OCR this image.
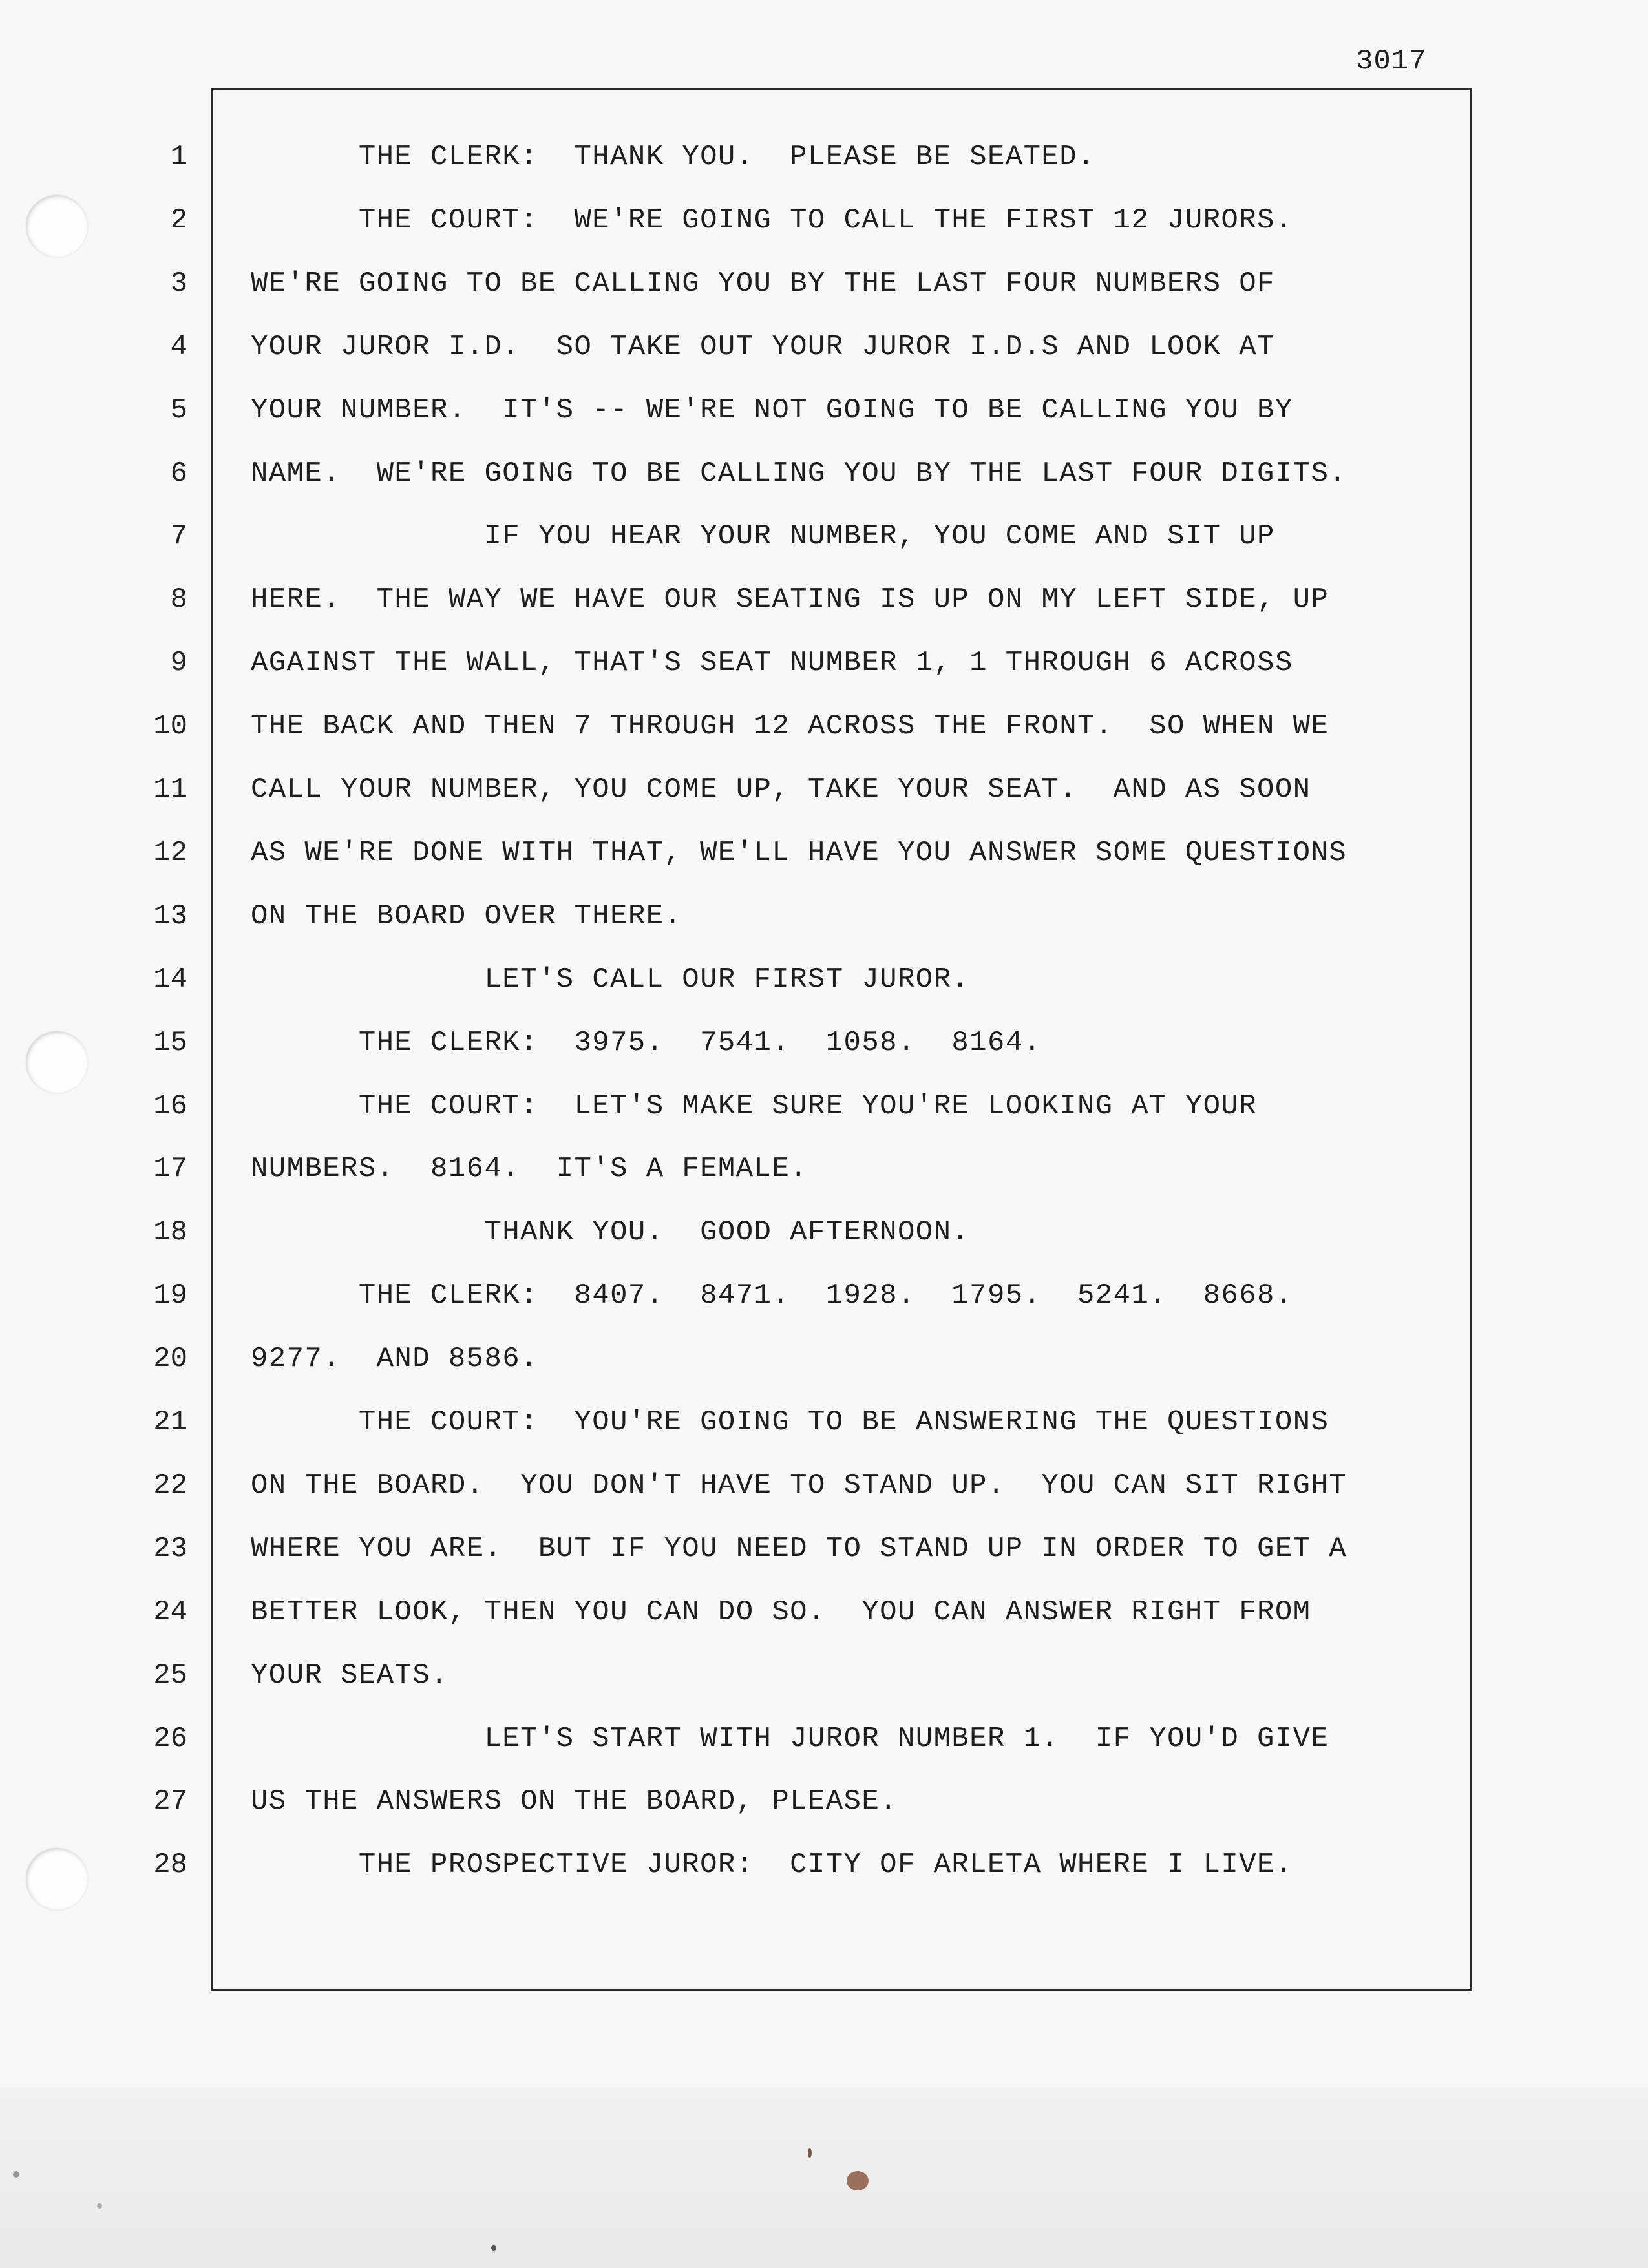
3017
1
2
3
4
5
6
7
8
9
10
11
12
13
14
15
16
17
18
19
20
21
22
23
24
25
26
27
28
THE CLERK:  THANK YOU.  PLEASE BE SEATED.
THE COURT:  WE'RE GOING TO CALL THE FIRST 12 JURORS.
WE'RE GOING TO BE CALLING YOU BY THE LAST FOUR NUMBERS OF
YOUR JUROR I.D.  SO TAKE OUT YOUR JUROR I.D.S AND LOOK AT
YOUR NUMBER.  IT'S -- WE'RE NOT GOING TO BE CALLING YOU BY
NAME.  WE'RE GOING TO BE CALLING YOU BY THE LAST FOUR DIGITS.
IF YOU HEAR YOUR NUMBER, YOU COME AND SIT UP
HERE.  THE WAY WE HAVE OUR SEATING IS UP ON MY LEFT SIDE, UP
AGAINST THE WALL, THAT'S SEAT NUMBER 1, 1 THROUGH 6 ACROSS
THE BACK AND THEN 7 THROUGH 12 ACROSS THE FRONT.  SO WHEN WE
CALL YOUR NUMBER, YOU COME UP, TAKE YOUR SEAT.  AND AS SOON
AS WE'RE DONE WITH THAT, WE'LL HAVE YOU ANSWER SOME QUESTIONS
ON THE BOARD OVER THERE.
LET'S CALL OUR FIRST JUROR.
THE CLERK:  3975.  7541.  1058.  8164.
THE COURT:  LET'S MAKE SURE YOU'RE LOOKING AT YOUR
NUMBERS.  8164.  IT'S A FEMALE.
THANK YOU.  GOOD AFTERNOON.
THE CLERK:  8407.  8471.  1928.  1795.  5241.  8668.
9277.  AND 8586.
THE COURT:  YOU'RE GOING TO BE ANSWERING THE QUESTIONS
ON THE BOARD.  YOU DON'T HAVE TO STAND UP.  YOU CAN SIT RIGHT
WHERE YOU ARE.  BUT IF YOU NEED TO STAND UP IN ORDER TO GET A
BETTER LOOK, THEN YOU CAN DO SO.  YOU CAN ANSWER RIGHT FROM
YOUR SEATS.
LET'S START WITH JUROR NUMBER 1.  IF YOU'D GIVE
US THE ANSWERS ON THE BOARD, PLEASE.
THE PROSPECTIVE JUROR:  CITY OF ARLETA WHERE I LIVE.
